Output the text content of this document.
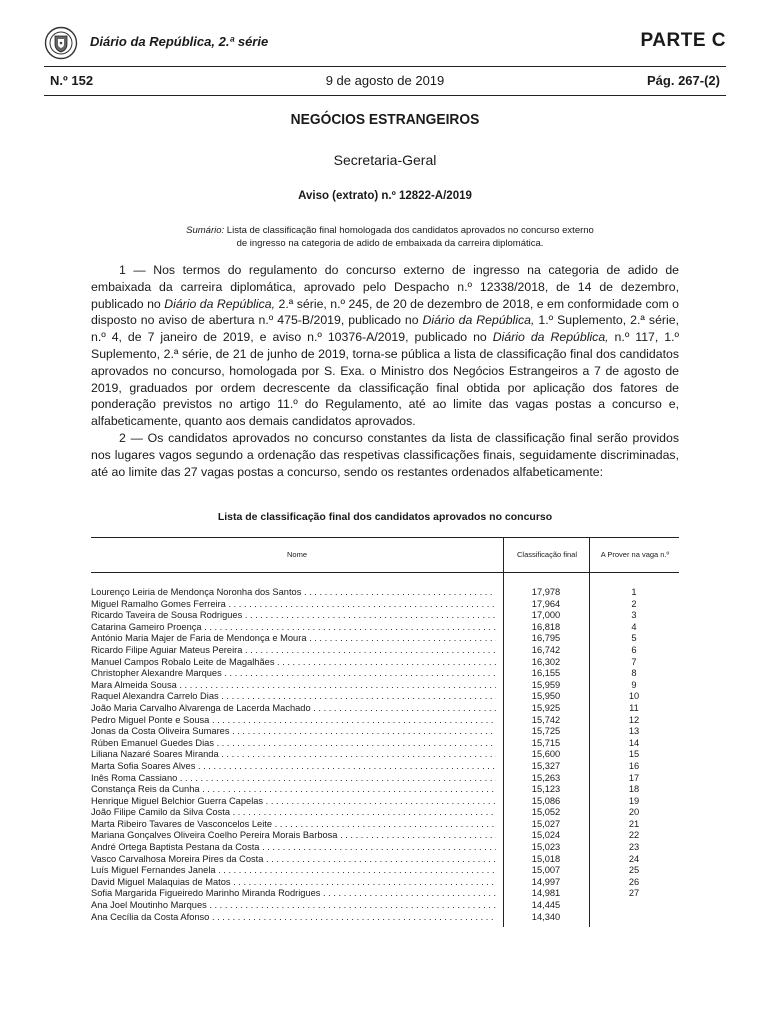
Diário da República, 2.ª série	PARTE C
N.º 152	9 de agosto de 2019	Pág. 267-(2)
NEGÓCIOS ESTRANGEIROS
Secretaria-Geral
Aviso (extrato) n.º 12822-A/2019
Sumário: Lista de classificação final homologada dos candidatos aprovados no concurso externo
de ingresso na categoria de adido de embaixada da carreira diplomática.

1 — Nos termos do regulamento do concurso externo de ingresso na categoria de adido de embaixada da carreira diplomática, aprovado pelo Despacho n.º 12338/2018, de 14 de dezembro, publicado no Diário da República, 2.ª série, n.º 245, de 20 de dezembro de 2018, e em conformidade com o disposto no aviso de abertura n.º 475-B/2019, publicado no Diário da República, 1.º Suplemento, 2.ª série, n.º 4, de 7 janeiro de 2019, e aviso n.º 10376-A/2019, publicado no Diário da República, n.º 117, 1.º Suplemento, 2.ª série, de 21 de junho de 2019, torna-se pública a lista de classificação final dos candidatos aprovados no concurso, homologada por S. Exa. o Ministro dos Negócios Estrangeiros a 7 de agosto de 2019, graduados por ordem decrescente da classificação final obtida por aplicação dos fatores de ponderação previstos no artigo 11.º do Regulamento, até ao limite das vagas postas a concurso e, alfabeticamente, quanto aos demais candidatos aprovados.

2 — Os candidatos aprovados no concurso constantes da lista de classificação final serão providos nos lugares vagos segundo a ordenação das respetivas classificações finais, seguidamente discriminadas, até ao limite das 27 vagas postas a concurso, sendo os restantes ordenados alfabeticamente:

Lista de classificação final dos candidatos aprovados no concurso
Nome	Classificação final	A Prover na vaga n.º
Lourenço Leiria de Mendonça Noronha dos Santos . . .	17,978	1
Miguel Ramalho Gomes Ferreira . . .	17,964	2
Ricardo Taveira de Sousa Rodrigues . . .	17,000	3
Catarina Gameiro Proença . . .	16,818	4
António Maria Majer de Faria de Mendonça e Moura . . .	16,795	5
Ricardo Filipe Aguiar Mateus Pereira . . .	16,742	6
Manuel Campos Robalo Leite de Magalhães . . .	16,302	7
Christopher Alexandre Marques . . .	16,155	8
Mara Almeida Sousa . . .	15,959	9
Raquel Alexandra Carrelo Dias . . .	15,950	10
João Maria Carvalho Alvarenga de Lacerda Machado . . .	15,925	11
Pedro Miguel Ponte e Sousa . . .	15,742	12
Jonas da Costa Oliveira Sumares . . .	15,725	13
Rúben Emanuel Guedes Dias . . .	15,715	14
Liliana Nazaré Soares Miranda . . .	15,600	15
Marta Sofia Soares Alves . . .	15,327	16
Inês Roma Cassiano . . .	15,263	17
Constança Reis da Cunha . . .	15,123	18
Henrique Miguel Belchior Guerra Capelas . . .	15,086	19
João Filipe Camilo da Silva Costa . . .	15,052	20
Marta Ribeiro Tavares de Vasconcelos Leite . . .	15,027	21
Mariana Gonçalves Oliveira Coelho Pereira Morais Barbosa . . .	15,024	22
André Ortega Baptista Pestana da Costa . . .	15,023	23
Vasco Carvalhosa Moreira Pires da Costa . . .	15,018	24
Luís Miguel Fernandes Janela . . .	15,007	25
David Miguel Malaquias de Matos . . .	14,997	26
Sofia Margarida Figueiredo Marinho Miranda Rodrigues . . .	14,981	27
Ana Joel Moutinho Marques . . .	14,445
Ana Cecília da Costa Afonso . . .	14,340
